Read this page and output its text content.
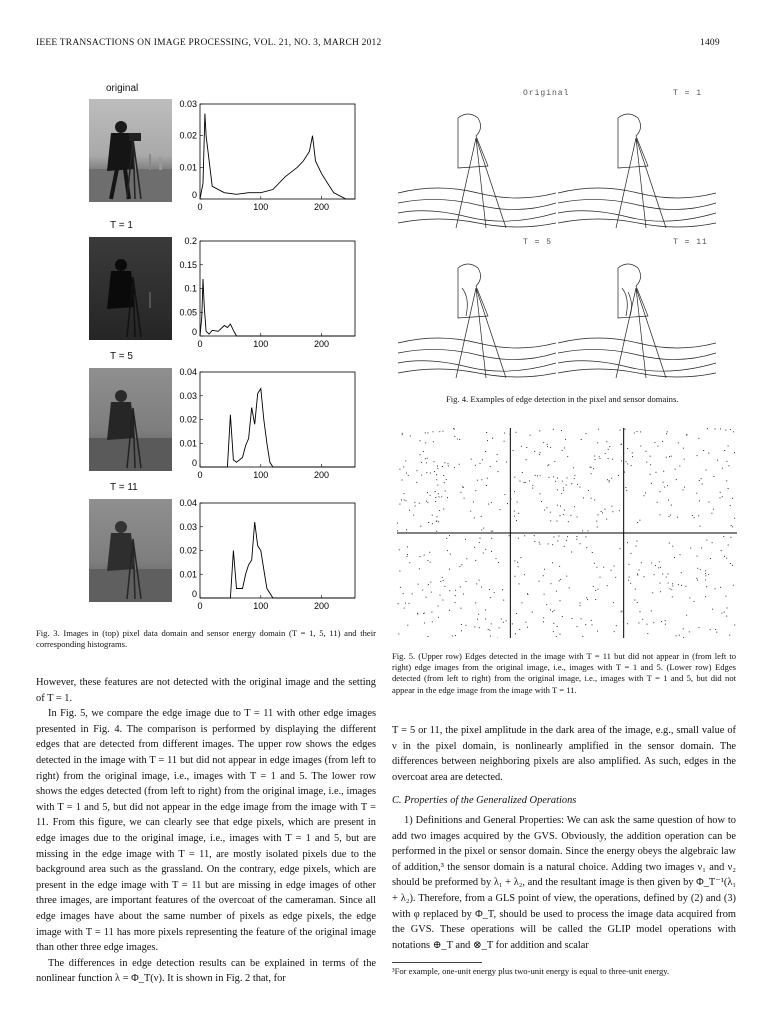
IEEE TRANSACTIONS ON IMAGE PROCESSING, VOL. 21, NO. 3, MARCH 2012	1409
original
T = 1
T = 5
T = 11
0
0.01
0.02
0.03
0	100	200
0
0.05
0.1
0.15
0.2
0	100	200
0
0.01
0.02
0.03
0.04
0	100	200
0
0.01
0.02
0.03
0.04
0	100	200
Fig. 3. Images in (top) pixel data domain and sensor energy domain (T = 1, 5, 11) and their corresponding histograms.

However, these features are not detected with the original image and the setting of T = 1.

In Fig. 5, we compare the edge image due to T = 11 with other edge images presented in Fig. 4. The comparison is performed by displaying the different edges that are detected from different images. The upper row shows the edges detected in the image with T = 11 but did not appear in edge images (from left to right) from the original image, i.e., images with T = 1 and 5. The lower row shows the edges detected (from left to right) from the original image, i.e., images with T = 1 and 5, but did not appear in the edge image from the image with T = 11. From this figure, we can clearly see that edge pixels, which are present in edge images due to the original image, i.e., images with T = 1 and 5, but are missing in the edge image with T = 11, are mostly isolated pixels due to the background area such as the grassland. On the contrary, edge pixels, which are present in the edge image with T = 11 but are missing in edge images of other three images, are important features of the overcoat of the cameraman. Since all edge images have about the same number of pixels as edge pixels, the edge image with T = 11 has more pixels representing the feature of the original image than other three edge images.

The differences in edge detection results can be explained in terms of the nonlinear function λ = Φ_T(ν). It is shown in Fig. 2 that, for

Original	T = 1
T = 5	T = 11
Fig. 4. Examples of edge detection in the pixel and sensor domains.
Fig. 5. (Upper row) Edges detected in the image with T = 11 but did not appear in (from left to right) edge images from the original image, i.e., images with T = 1 and 5. (Lower row) Edges detected (from left to right) from the original image, i.e., images with T = 1 and 5, but did not appear in the edge image from the image with T = 11.

T = 5 or 11, the pixel amplitude in the dark area of the image, e.g., small value of ν in the pixel domain, is nonlinearly amplified in the sensor domain. The differences between neighboring pixels are also amplified. As such, edges in the overcoat area are detected.

C. Properties of the Generalized Operations

1) Definitions and General Properties: We can ask the same question of how to add two images acquired by the GVS. Obviously, the addition operation can be performed in the pixel or sensor domain. Since the energy obeys the algebraic law of addition,³ the sensor domain is a natural choice. Adding two images ν₁ and ν₂ should be preformed by λ₁ + λ₂, and the resultant image is then given by Φ_T⁻¹(λ₁ + λ₂). Therefore, from a GLS point of view, the operations, defined by (2) and (3) with φ replaced by Φ_T, should be used to process the image data acquired from the GVS. These operations will be called the GLIP model operations with notations ⊕_T and ⊗_T for addition and scalar

³For example, one-unit energy plus two-unit energy is equal to three-unit energy.
